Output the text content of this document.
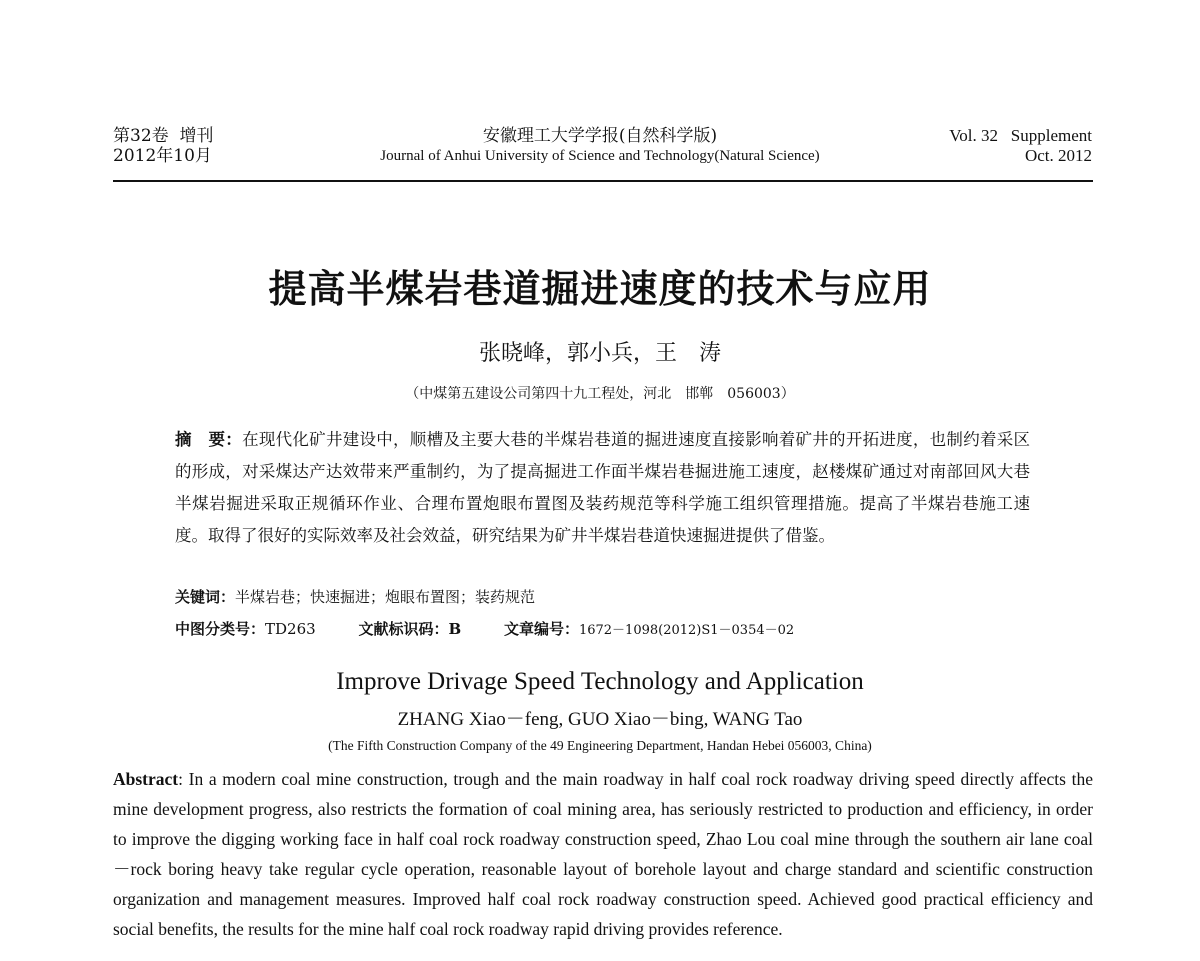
第32卷  增刊
2012年10月
安徽理工大学学报(自然科学版)
Journal of Anhui University of Science and Technology(Natural Science)
Vol. 32   Supplement
Oct. 2012
提高半煤岩巷道掘进速度的技术与应用
张晓峰，郭小兵，王　涛
（中煤第五建设公司第四十九工程处，河北　邯郸　056003）
摘　要：在现代化矿井建设中，顺槽及主要大巷的半煤岩巷道的掘进速度直接影响着矿井的开拓进度，也制约着采区的形成，对采煤达产达效带来严重制约，为了提高掘进工作面半煤岩巷掘进施工速度，赵楼煤矿通过对南部回风大巷半煤岩掘进采取正规循环作业、合理布置炮眼布置图及装药规范等科学施工组织管理措施。提高了半煤岩巷施工速度。取得了很好的实际效率及社会效益，研究结果为矿井半煤岩巷道快速掘进提供了借鉴。
关键词：半煤岩巷；快速掘进；炮眼布置图；装药规范
中图分类号：TD263	文献标识码：B	文章编号：1672－1098(2012)S1－0354－02
Improve Drivage Speed Technology and Application
ZHANG Xiao－feng, GUO Xiao－bing, WANG Tao
(The Fifth Construction Company of the 49 Engineering Department, Handan Hebei 056003, China)
Abstract: In a modern coal mine construction, trough and the main roadway in half coal rock roadway driving speed directly affects the mine development progress, also restricts the formation of coal mining area, has seriously restricted to production and efficiency, in order to improve the digging working face in half coal rock roadway construction speed, Zhao Lou coal mine through the southern air lane coal－rock boring heavy take regular cycle operation, reasonable layout of borehole layout and charge standard and scientific construction organization and management measures. Improved half coal rock roadway construction speed. Achieved good practical efficiency and social benefits, the results for the mine half coal rock roadway rapid driving provides reference.
